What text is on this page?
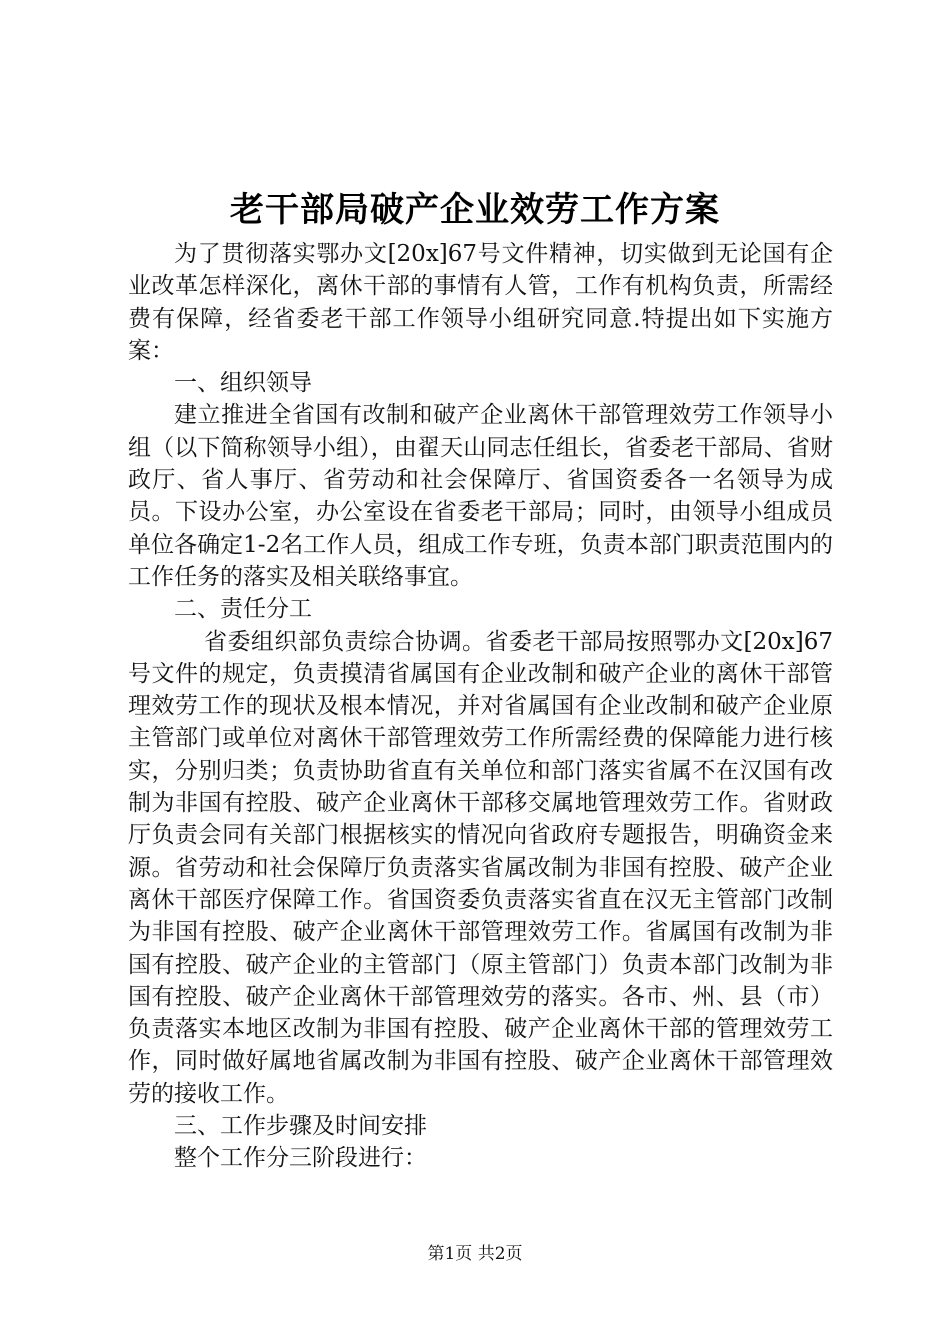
老干部局破产企业效劳工作方案

为了贯彻落实鄂办文[20x]67号文件精神，切实做到无论国有企业改革怎样深化，离休干部的事情有人管，工作有机构负责，所需经费有保障，经省委老干部工作领导小组研究同意.特提出如下实施方案：

一、组织领导

建立推进全省国有改制和破产企业离休干部管理效劳工作领导小组（以下简称领导小组），由翟天山同志任组长，省委老干部局、省财政厅、省人事厅、省劳动和社会保障厅、省国资委各一名领导为成员。下设办公室，办公室设在省委老干部局；同时，由领导小组成员单位各确定1-2名工作人员，组成工作专班，负责本部门职责范围内的工作任务的落实及相关联络事宜。

二、责任分工

省委组织部负责综合协调。省委老干部局按照鄂办文[20x]67号文件的规定，负责摸清省属国有企业改制和破产企业的离休干部管理效劳工作的现状及根本情况，并对省属国有企业改制和破产企业原主管部门或单位对离休干部管理效劳工作所需经费的保障能力进行核实，分别归类；负责协助省直有关单位和部门落实省属不在汉国有改制为非国有控股、破产企业离休干部移交属地管理效劳工作。省财政厅负责会同有关部门根据核实的情况向省政府专题报告，明确资金来源。省劳动和社会保障厅负责落实省属改制为非国有控股、破产企业离休干部医疗保障工作。省国资委负责落实省直在汉无主管部门改制为非国有控股、破产企业离休干部管理效劳工作。省属国有改制为非国有控股、破产企业的主管部门（原主管部门）负责本部门改制为非国有控股、破产企业离休干部管理效劳的落实。各市、州、县（市）负责落实本地区改制为非国有控股、破产企业离休干部的管理效劳工作，同时做好属地省属改制为非国有控股、破产企业离休干部管理效劳的接收工作。

三、工作步骤及时间安排

整个工作分三阶段进行：

第1页 共2页
